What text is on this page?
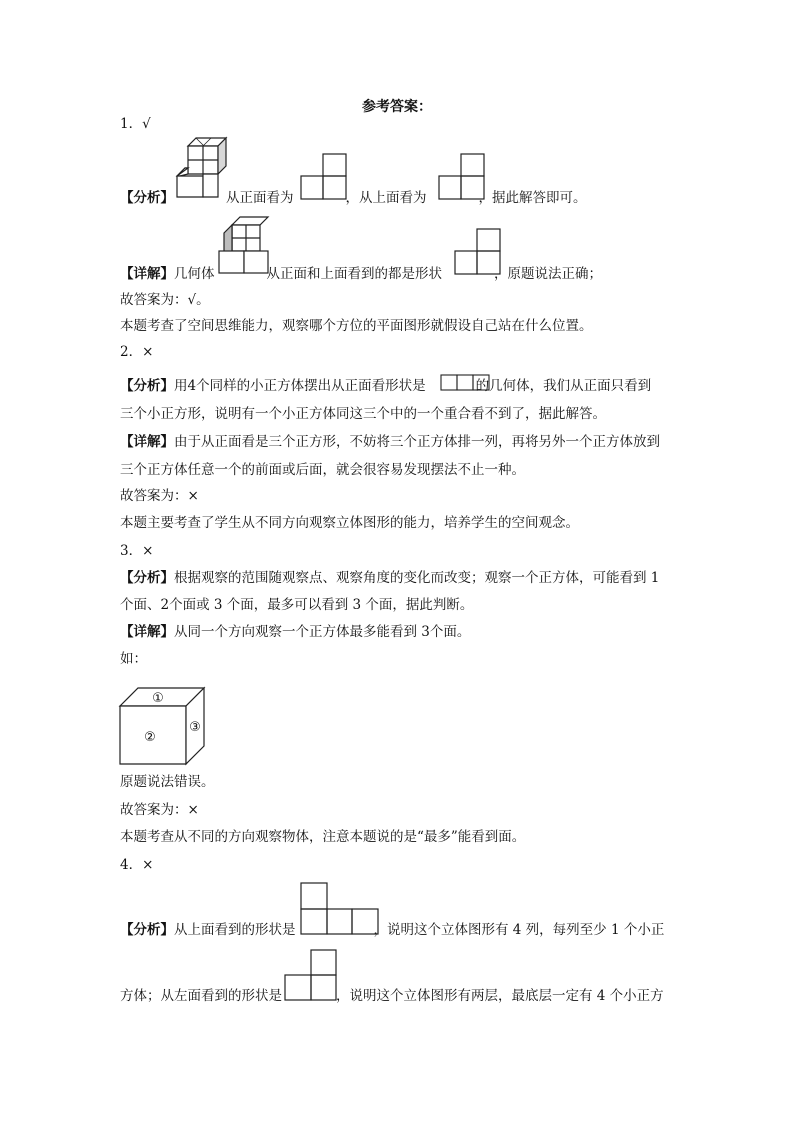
参考答案：
1．√
【分析】	从正面看为	，从上面看为	，据此解答即可。
【详解】几何体	从正面和上面看到的都是形状	，原题说法正确；
故答案为：√。
本题考查了空间思维能力，观察哪个方位的平面图形就假设自己站在什么位置。
2．×
【分析】用4个同样的小正方体摆出从正面看形状是	的几何体，我们从正面只看到
三个小正方形，说明有一个小正方体同这三个中的一个重合看不到了，据此解答。
【详解】由于从正面看是三个正方形，不妨将三个正方体排一列，再将另外一个正方体放到
三个正方体任意一个的前面或后面，就会很容易发现摆法不止一种。
故答案为：×
本题主要考查了学生从不同方向观察立体图形的能力，培养学生的空间观念。
3．×
【分析】根据观察的范围随观察点、观察角度的变化而改变；观察一个正方体，可能看到 1
个面、2个面或 3 个面，最多可以看到 3 个面，据此判断。
【详解】从同一个方向观察一个正方体最多能看到 3个面。
如：
①
②
③
原题说法错误。
故答案为：×
本题考查从不同的方向观察物体，注意本题说的是“最多”能看到面。
4．×
【分析】从上面看到的形状是	，说明这个立体图形有 4 列，每列至少 1 个小正
方体；从左面看到的形状是	，说明这个立体图形有两层，最底层一定有 4 个小正方
